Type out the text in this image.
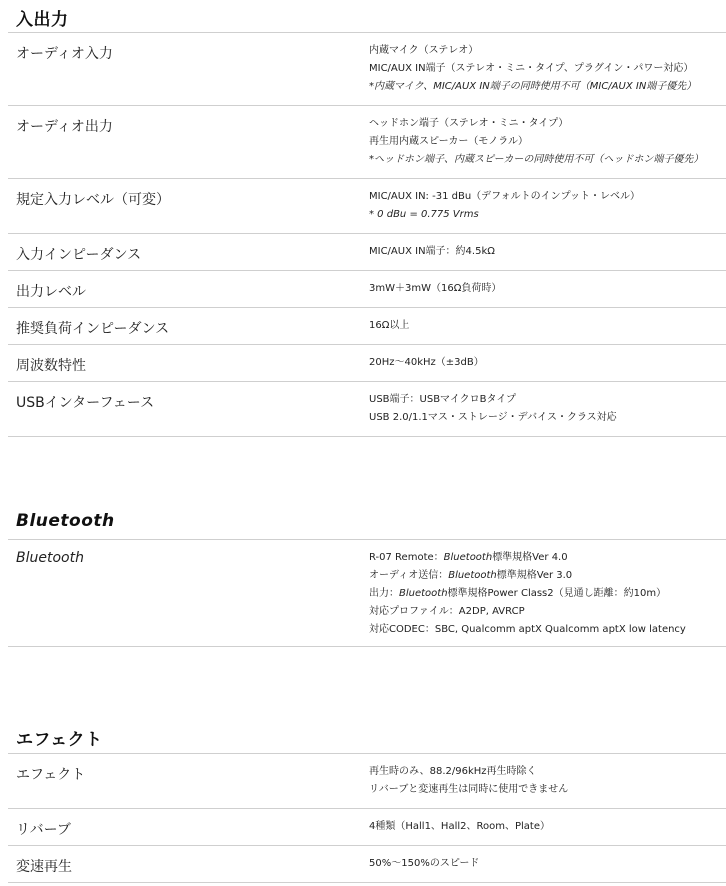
入出力
オーディオ入力	内蔵マイク（ステレオ）
MIC/AUX IN端子（ステレオ・ミニ・タイプ、プラグイン・パワー対応）
*内蔵マイク、MIC/AUX IN端子の同時使用不可（MIC/AUX IN端子優先）
オーディオ出力	ヘッドホン端子（ステレオ・ミニ・タイプ）
再生用内蔵スピーカー（モノラル）
*ヘッドホン端子、内蔵スピーカーの同時使用不可（ヘッドホン端子優先）
規定入力レベル（可変）	MIC/AUX IN: -31 dBu（デフォルトのインプット・レベル）
* 0 dBu = 0.775 Vrms
入力インピーダンス	MIC/AUX IN端子：約4.5kΩ
出力レベル	3mW＋3mW（16Ω負荷時）
推奨負荷インピーダンス	16Ω以上
周波数特性	20Hz～40kHz（±3dB）
USBインターフェース	USB端子：USBマイクロBタイプ
USB 2.0/1.1マス・ストレージ・デバイス・クラス対応
Bluetooth
Bluetooth	R-07 Remote：Bluetooth標準規格Ver 4.0
オーディオ送信：Bluetooth標準規格Ver 3.0
出力：Bluetooth標準規格Power Class2（見通し距離：約10m）
対応プロファイル：A2DP, AVRCP
対応CODEC：SBC, Qualcomm aptX Qualcomm aptX low latency
エフェクト
エフェクト	再生時のみ、88.2/96kHz再生時除く
リバーブと変速再生は同時に使用できません
リバーブ	4種類（Hall1、Hall2、Room、Plate）
変速再生	50%～150%のスピード
